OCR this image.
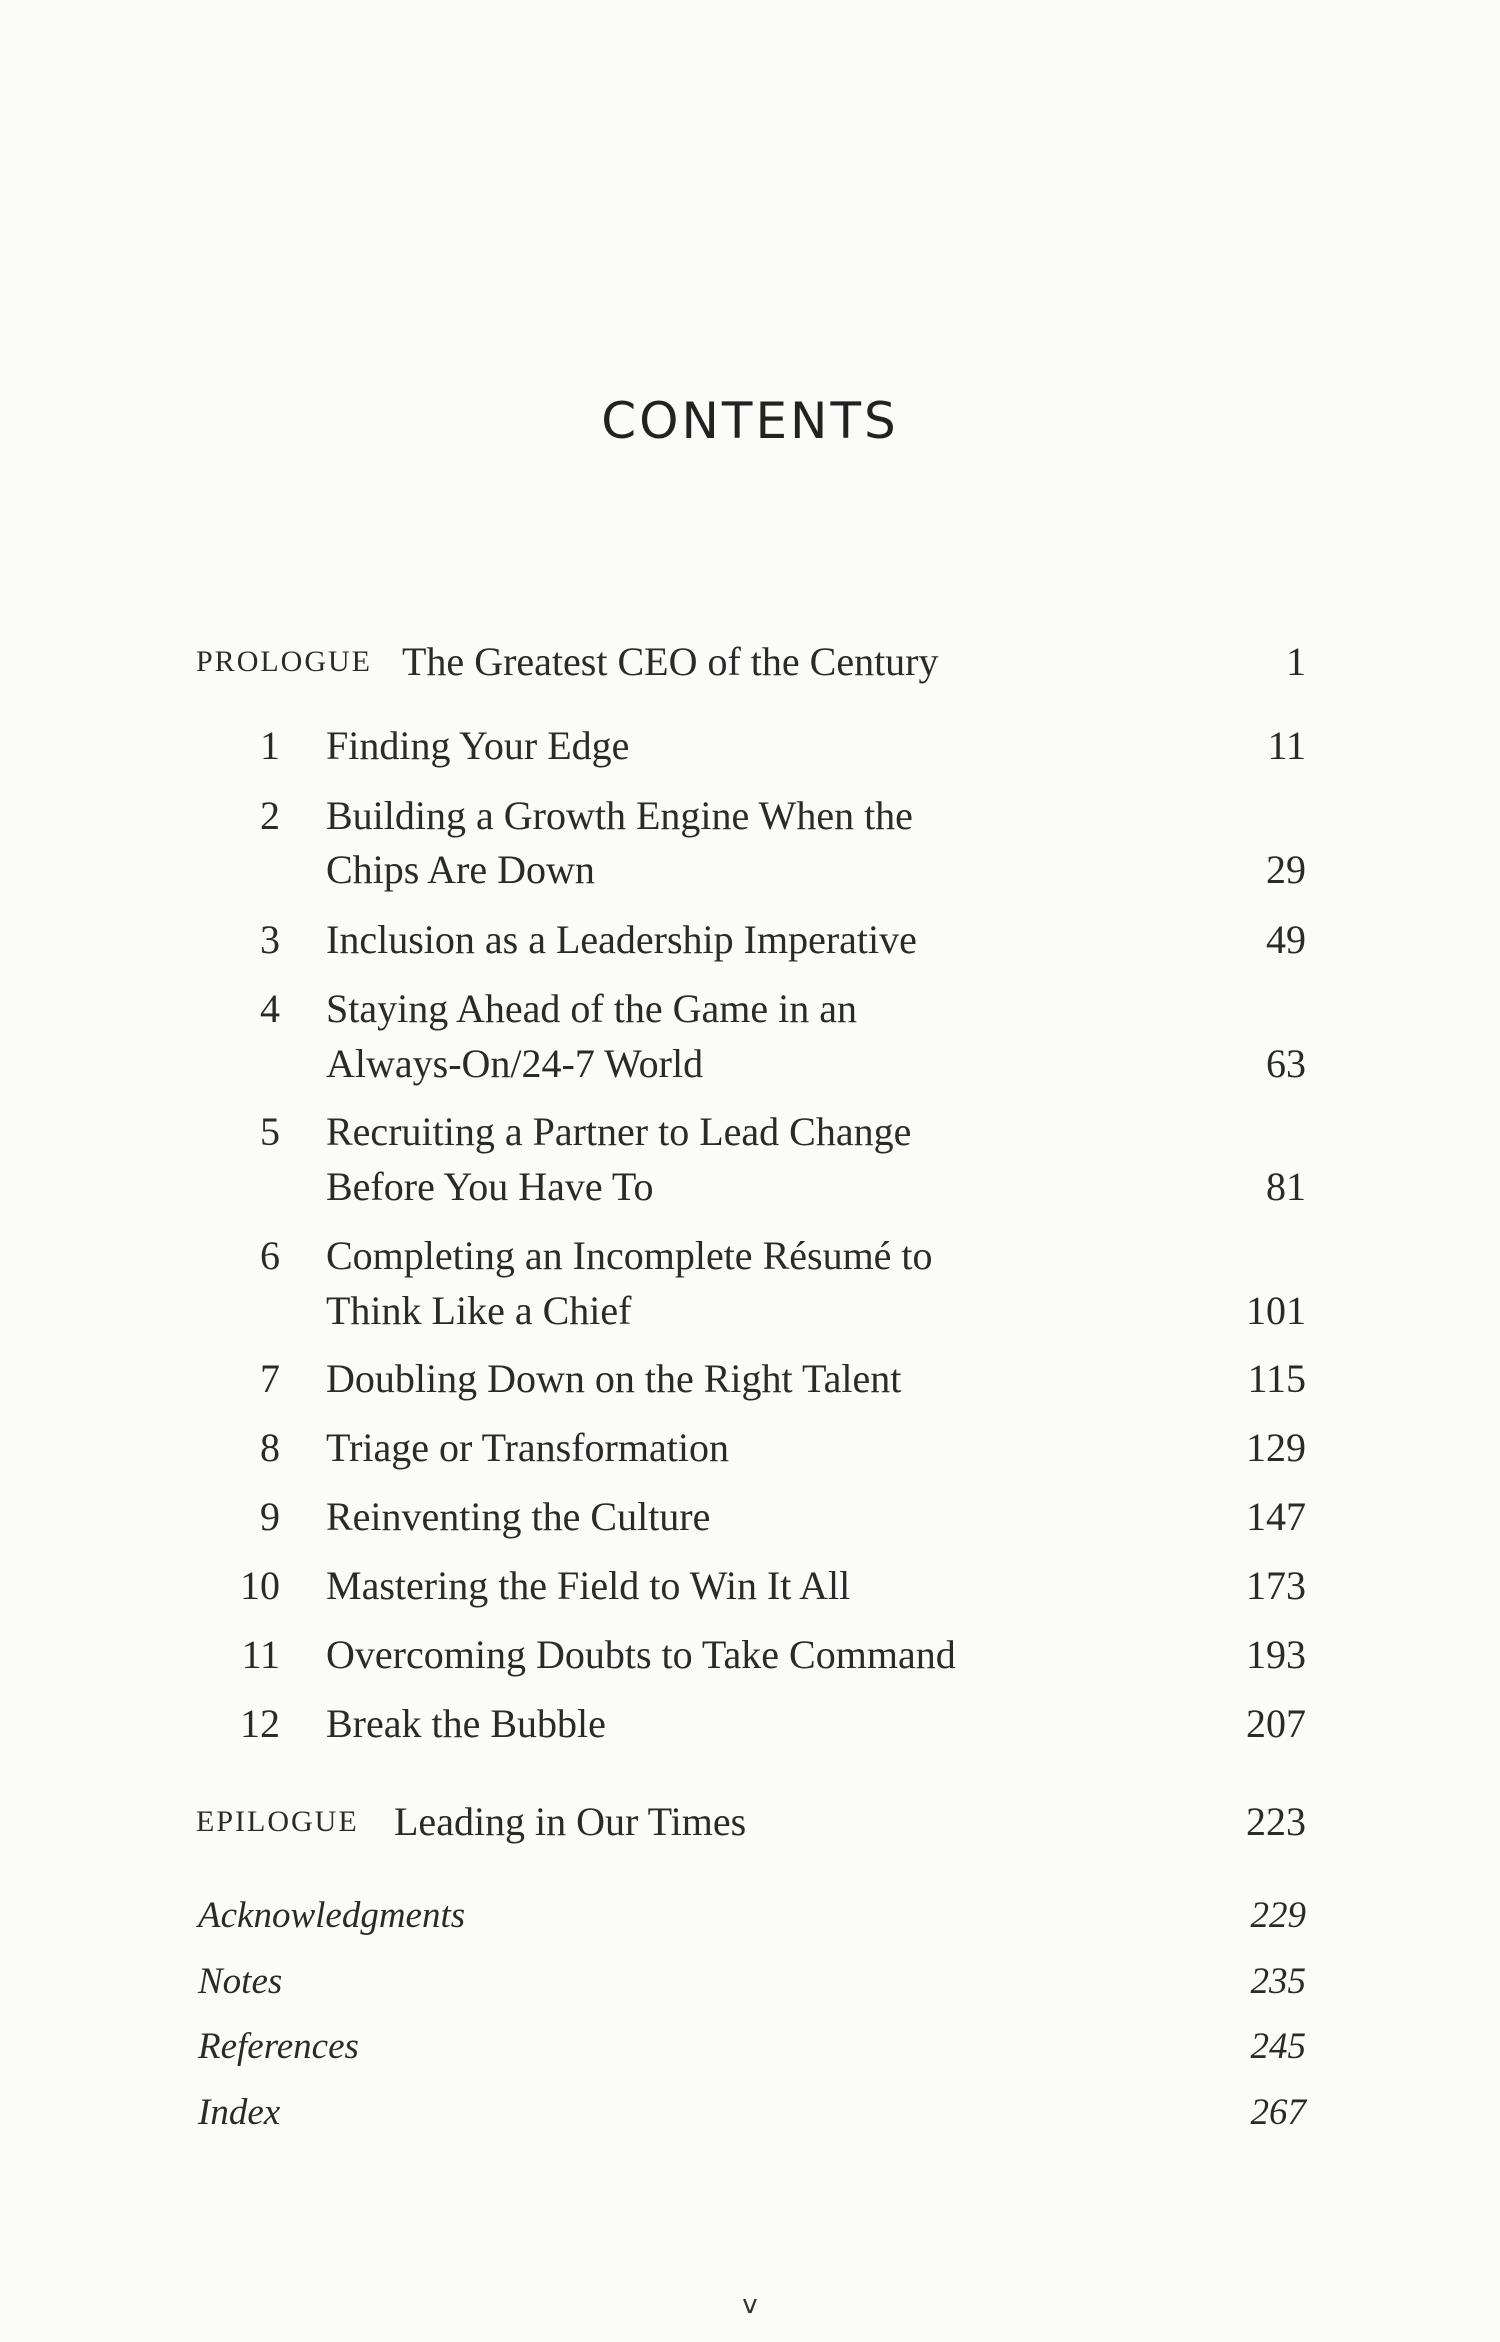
CONTENTS
PROLOGUE The Greatest CEO of the Century	1
1 Finding Your Edge	11
2 Building a Growth Engine When the
Chips Are Down	29
3 Inclusion as a Leadership Imperative	49
4 Staying Ahead of the Game in an
Always-On/24-7 World	63
5 Recruiting a Partner to Lead Change
Before You Have To	81
6 Completing an Incomplete Résumé to
Think Like a Chief	101
7 Doubling Down on the Right Talent	115
8 Triage or Transformation	129
9 Reinventing the Culture	147
10 Mastering the Field to Win It All	173
11 Overcoming Doubts to Take Command	193
12 Break the Bubble	207
EPILOGUE Leading in Our Times	223
Acknowledgments	229
Notes	235
References	245
Index	267
v
